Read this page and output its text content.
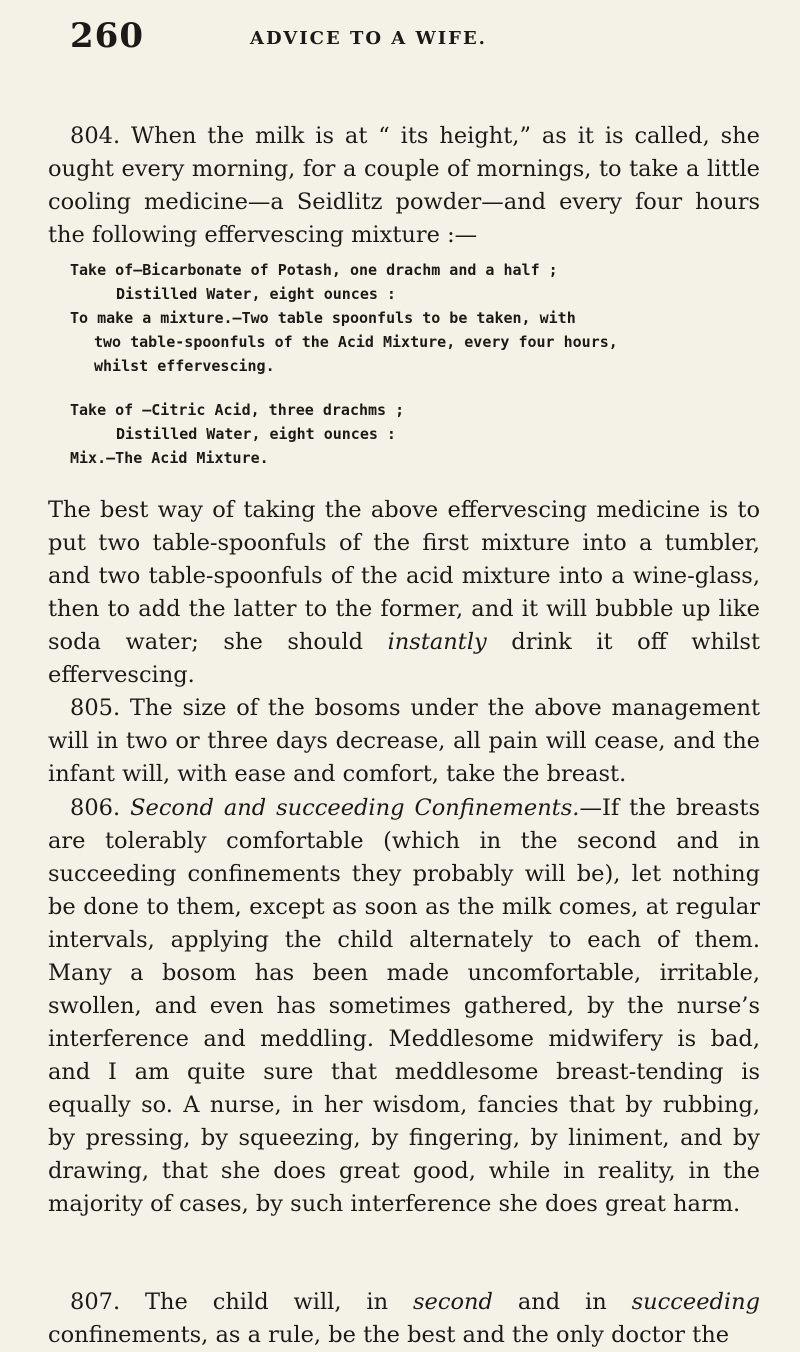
260	ADVICE TO A WIFE.

804. When the milk is at “ its height,” as it is called, she ought every morning, for a couple of mornings, to take a little cooling medicine—a Seidlitz powder—and every four hours the following effervescing mixture :—

Take of—Bicarbonate of Potash, one drachm and a half ;
Distilled Water, eight ounces :
To make a mixture.—Two table spoonfuls to be taken, with
two table-spoonfuls of the Acid Mixture, every four hours,
whilst effervescing.
Take of —Citric Acid, three drachms ;
Distilled Water, eight ounces :
Mix.—The Acid Mixture.

The best way of taking the above effervescing medicine is to put two table-spoonfuls of the first mixture into a tumbler, and two table-spoonfuls of the acid mixture into a wine-glass, then to add the latter to the former, and it will bubble up like soda water; she should instantly drink it off whilst effervescing.

805. The size of the bosoms under the above management will in two or three days decrease, all pain will cease, and the infant will, with ease and comfort, take the breast.

806. Second and succeeding Confinements.—If the breasts are tolerably comfortable (which in the second and in succeeding confinements they probably will be), let nothing be done to them, except as soon as the milk comes, at regular intervals, applying the child alternately to each of them. Many a bosom has been made uncomfortable, irritable, swollen, and even has sometimes gathered, by the nurse’s interference and meddling. Meddlesome midwifery is bad, and I am quite sure that meddlesome breast-tending is equally so. A nurse, in her wisdom, fancies that by rubbing, by pressing, by squeezing, by fingering, by liniment, and by drawing, that she does great good, while in reality, in the majority of cases, by such interference she does great harm.

807. The child will, in second and in succeeding confinements, as a rule, be the best and the only doctor the
